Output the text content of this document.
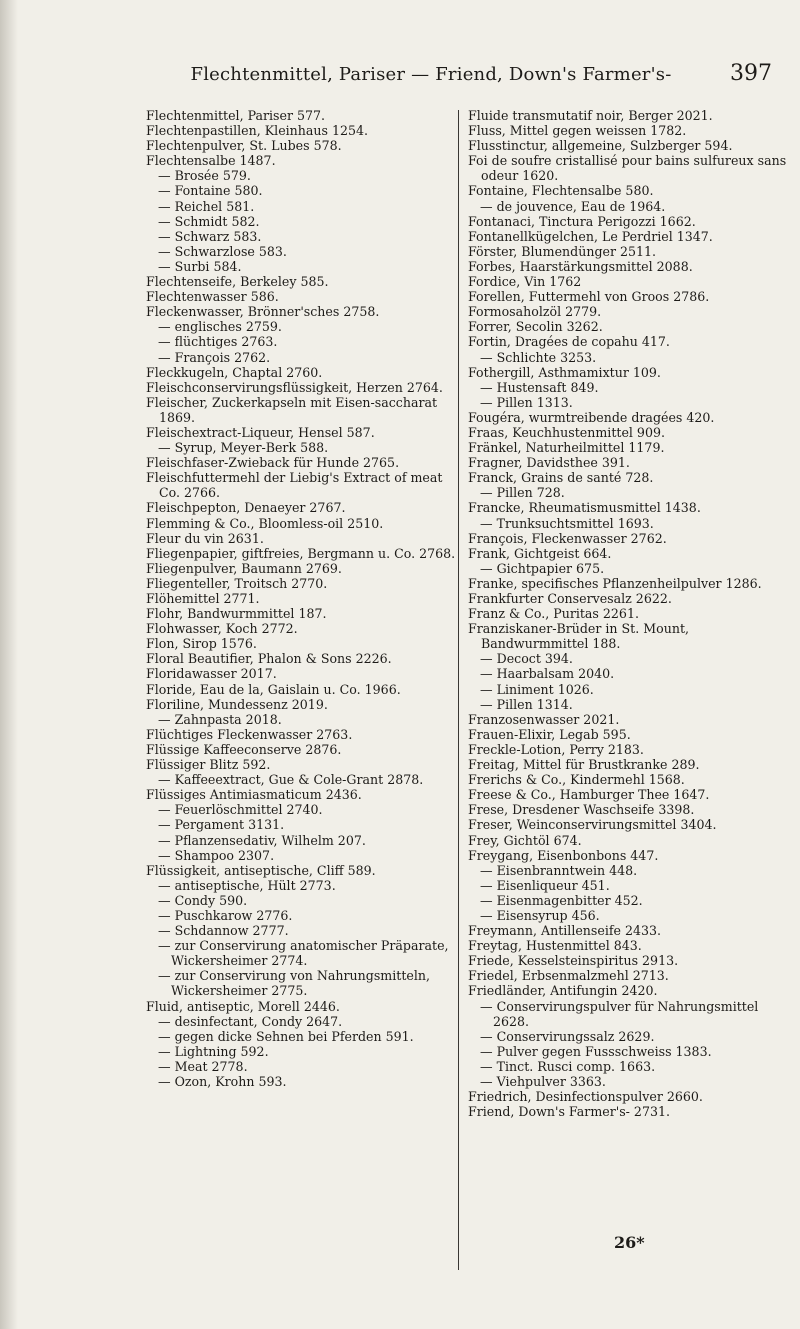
Flechtenmittel, Pariser — Friend, Down's Farmer's-	397
Flechtenmittel, Pariser 577.
Flechtenpastillen, Kleinhaus 1254.
Flechtenpulver, St. Lubes 578.
Flechtensalbe 1487.
— Brosée 579.
— Fontaine 580.
— Reichel 581.
— Schmidt 582.
— Schwarz 583.
— Schwarzlose 583.
— Surbi 584.
Flechtenseife, Berkeley 585.
Flechtenwasser 586.
Fleckenwasser, Brönner'sches 2758.
— englisches 2759.
— flüchtiges 2763.
— François 2762.
Fleckkugeln, Chaptal 2760.
Fleischconservirungsflüssigkeit, Herzen 2764.
Fleischer, Zuckerkapseln mit Eisen-saccharat 1869.
Fleischextract-Liqueur, Hensel 587.
— Syrup, Meyer-Berk 588.
Fleischfaser-Zwieback für Hunde 2765.
Fleischfuttermehl der Liebig's Extract of meat Co. 2766.
Fleischpepton, Denaeyer 2767.
Flemming & Co., Bloomless-oil 2510.
Fleur du vin 2631.
Fliegenpapier, giftfreies, Bergmann u. Co. 2768.
Fliegenpulver, Baumann 2769.
Fliegenteller, Troitsch 2770.
Flöhemittel 2771.
Flohr, Bandwurmmittel 187.
Flohwasser, Koch 2772.
Flon, Sirop 1576.
Floral Beautifier, Phalon & Sons 2226.
Floridawasser 2017.
Floride, Eau de la, Gaislain u. Co. 1966.
Floriline, Mundessenz 2019.
— Zahnpasta 2018.
Flüchtiges Fleckenwasser 2763.
Flüssige Kaffeeconserve 2876.
Flüssiger Blitz 592.
— Kaffeeextract, Gue & Cole-Grant 2878.
Flüssiges Antimiasmaticum 2436.
— Feuerlöschmittel 2740.
— Pergament 3131.
— Pflanzensedativ, Wilhelm 207.
— Shampoo 2307.
Flüssigkeit, antiseptische, Cliff 589.
— antiseptische, Hült 2773.
— Condy 590.
— Puschkarow 2776.
— Schdannow 2777.
— zur Conservirung anatomischer Präparate, Wickersheimer 2774.
— zur Conservirung von Nahrungsmitteln, Wickersheimer 2775.
Fluid, antiseptic, Morell 2446.
— desinfectant, Condy 2647.
— gegen dicke Sehnen bei Pferden 591.
— Lightning 592.
— Meat 2778.
— Ozon, Krohn 593.
Fluide transmutatif noir, Berger 2021.
Fluss, Mittel gegen weissen 1782.
Flusstinctur, allgemeine, Sulzberger 594.
Foi de soufre cristallisé pour bains sulfureux sans odeur 1620.
Fontaine, Flechtensalbe 580.
— de jouvence, Eau de 1964.
Fontanaci, Tinctura Perigozzi 1662.
Fontanellkügelchen, Le Perdriel 1347.
Förster, Blumendünger 2511.
Forbes, Haarstärkungsmittel 2088.
Fordice, Vin 1762
Forellen, Futtermehl von Groos 2786.
Formosaholzöl 2779.
Forrer, Secolin 3262.
Fortin, Dragées de copahu 417.
— Schlichte 3253.
Fothergill, Asthmamixtur 109.
— Hustensaft 849.
— Pillen 1313.
Fougéra, wurmtreibende dragées 420.
Fraas, Keuchhustenmittel 909.
Fränkel, Naturheilmittel 1179.
Fragner, Davidsthee 391.
Franck, Grains de santé 728.
— Pillen 728.
Francke, Rheumatismusmittel 1438.
— Trunksuchtsmittel 1693.
François, Fleckenwasser 2762.
Frank, Gichtgeist 664.
— Gichtpapier 675.
Franke, specifisches Pflanzenheilpulver 1286.
Frankfurter Conservesalz 2622.
Franz & Co., Puritas 2261.
Franziskaner-Brüder in St. Mount, Bandwurmmittel 188.
— Decoct 394.
— Haarbalsam 2040.
— Liniment 1026.
— Pillen 1314.
Franzosenwasser 2021.
Frauen-Elixir, Legab 595.
Freckle-Lotion, Perry 2183.
Freitag, Mittel für Brustkranke 289.
Frerichs & Co., Kindermehl 1568.
Freese & Co., Hamburger Thee 1647.
Frese, Dresdener Waschseife 3398.
Freser, Weinconservirungsmittel 3404.
Frey, Gichtöl 674.
Freygang, Eisenbonbons 447.
— Eisenbranntwein 448.
— Eisenliqueur 451.
— Eisenmagenbitter 452.
— Eisensyrup 456.
Freymann, Antillenseife 2433.
Freytag, Hustenmittel 843.
Friede, Kesselsteinspiritus 2913.
Friedel, Erbsenmalzmehl 2713.
Friedländer, Antifungin 2420.
— Conservirungspulver für Nahrungsmittel 2628.
— Conservirungssalz 2629.
— Pulver gegen Fussschweiss 1383.
— Tinct. Rusci comp. 1663.
— Viehpulver 3363.
Friedrich, Desinfectionspulver 2660.
Friend, Down's Farmer's- 2731.
26*
